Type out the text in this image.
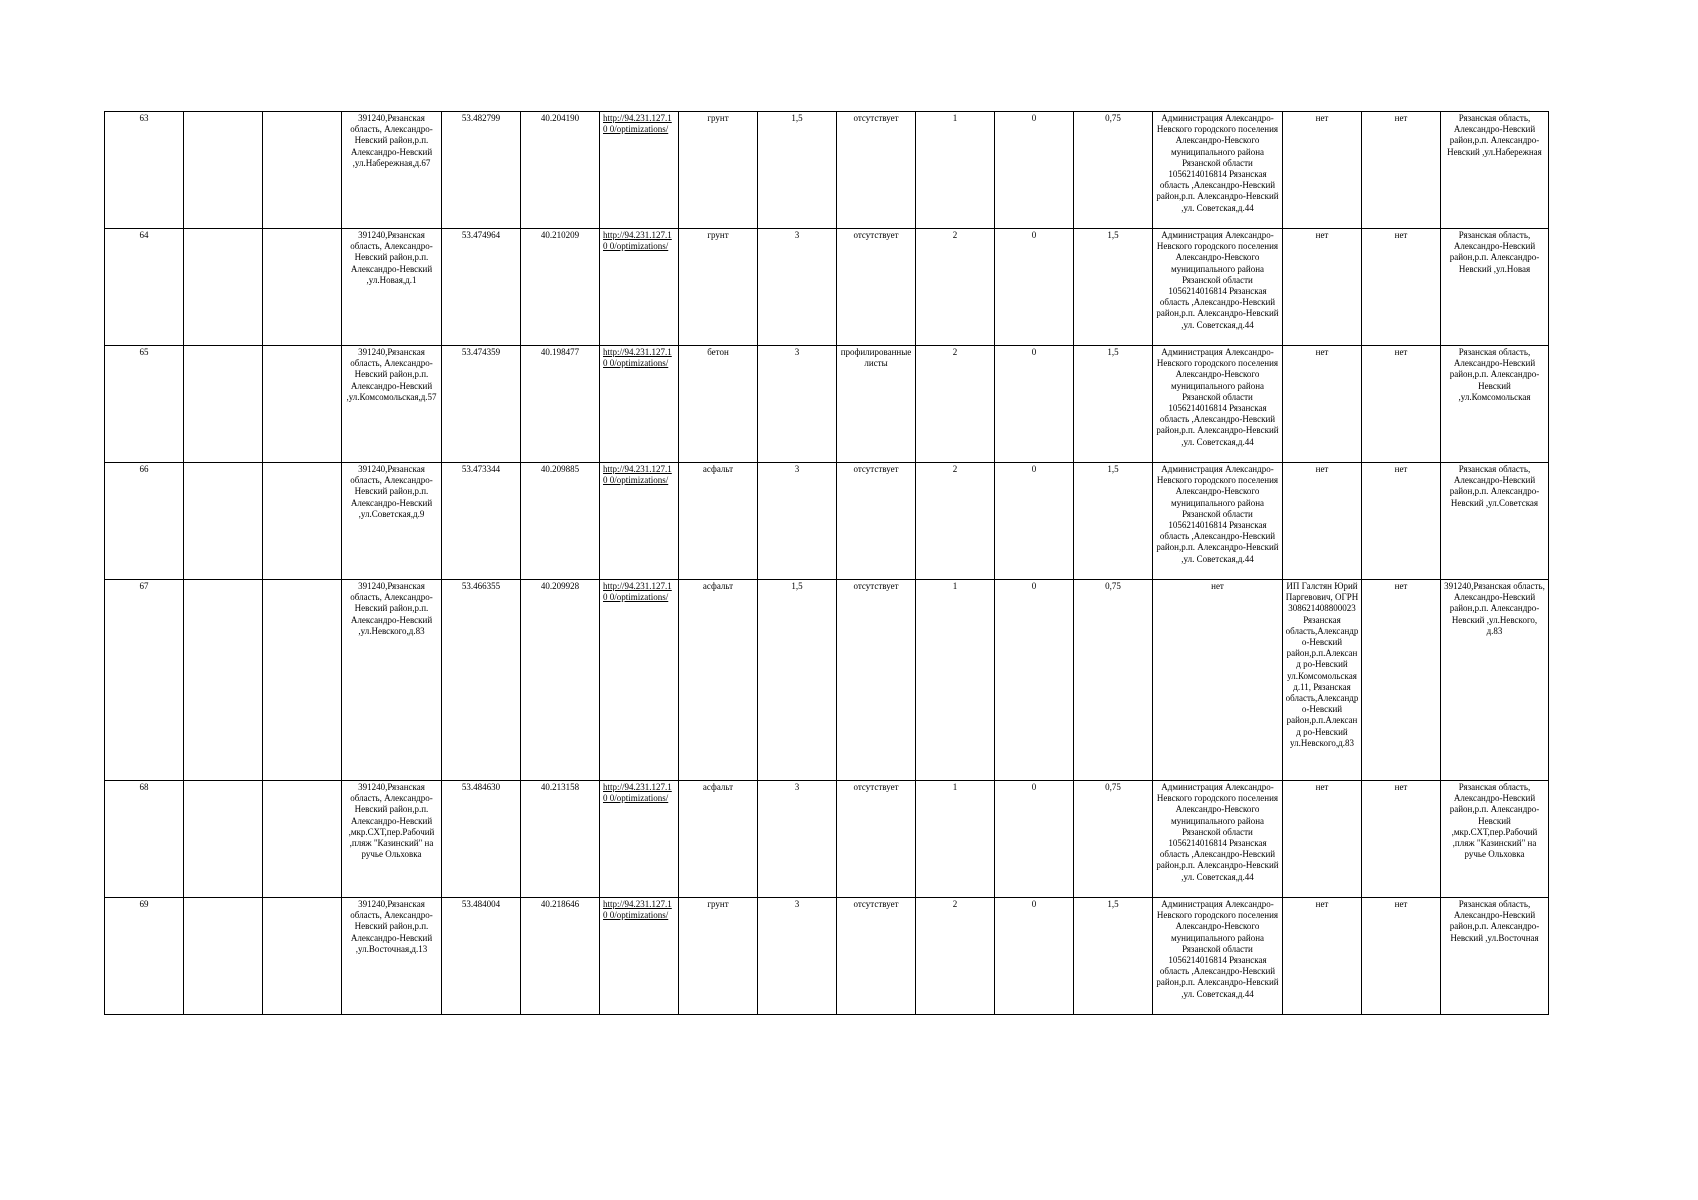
63			391240,Рязанская область, Александро-Невский район,р.п. Александро-Невский ,ул.Набережная,д.67	53.482799	40.204190	http://94.231.127.10 0/optimizations/	грунт	1,5	отсутствует	1	0	0,75	Администрация Александро-Невского городского поселения Александро-Невского муниципального района Рязанской области 1056214016814 Рязанская область ,Александро-Невский район,р.п. Александро-Невский ,ул. Советская,д.44	нет	нет	Рязанская область, Александро-Невский район,р.п. Александро-Невский ,ул.Набережная
64			391240,Рязанская область, Александро-Невский район,р.п. Александро-Невский ,ул.Новая,д.1	53.474964	40.210209	http://94.231.127.10 0/optimizations/	грунт	3	отсутствует	2	0	1,5	Администрация Александро-Невского городского поселения Александро-Невского муниципального района Рязанской области 1056214016814 Рязанская область ,Александро-Невский район,р.п. Александро-Невский ,ул. Советская,д.44	нет	нет	Рязанская область, Александро-Невский район,р.п. Александро-Невский ,ул.Новая
65			391240,Рязанская область, Александро-Невский район,р.п. Александро-Невский ,ул.Комсомольская,д.57	53.474359	40.198477	http://94.231.127.10 0/optimizations/	бетон	3	профилированные листы	2	0	1,5	Администрация Александро-Невского городского поселения Александро-Невского муниципального района Рязанской области 1056214016814 Рязанская область ,Александро-Невский район,р.п. Александро-Невский ,ул. Советская,д.44	нет	нет	Рязанская область, Александро-Невский район,р.п. Александро-Невский ,ул.Комсомольская
66			391240,Рязанская область, Александро-Невский район,р.п. Александро-Невский ,ул.Советская,д.9	53.473344	40.209885	http://94.231.127.10 0/optimizations/	асфальт	3	отсутствует	2	0	1,5	Администрация Александро-Невского городского поселения Александро-Невского муниципального района Рязанской области 1056214016814 Рязанская область ,Александро-Невский район,р.п. Александро-Невский ,ул. Советская,д.44	нет	нет	Рязанская область, Александро-Невский район,р.п. Александро-Невский ,ул.Советская
67			391240,Рязанская область, Александро-Невский район,р.п. Александро-Невский ,ул.Невского,д.83	53.466355	40.209928	http://94.231.127.10 0/optimizations/	асфальт	1,5	отсутствует	1	0	0,75	нет	ИП Галстян Юрий Паргевович, ОГРН 308621408800023 Рязанская область,Александр о-Невский район,р.п.Александ ро-Невский ул.Комсомольская д.11, Рязанская область,Александр о-Невский район,р.п.Александ ро-Невский ул.Невского,д.83	нет	391240,Рязанская область, Александро-Невский район,р.п. Александро-Невский ,ул.Невского, д.83
68			391240,Рязанская область, Александро-Невский район,р.п. Александро-Невский ,мкр.СХТ,пер.Рабочий ,пляж "Казинский" на ручье Ольховка	53.484630	40.213158	http://94.231.127.10 0/optimizations/	асфальт	3	отсутствует	1	0	0,75	Администрация Александро-Невского городского поселения Александро-Невского муниципального района Рязанской области 1056214016814 Рязанская область ,Александро-Невский район,р.п. Александро-Невский ,ул. Советская,д.44	нет	нет	Рязанская область, Александро-Невский район,р.п. Александро-Невский ,мкр.СХТ,пер.Рабочий ,пляж "Казинский" на ручье Ольховка
69			391240,Рязанская область, Александро-Невский район,р.п. Александро-Невский ,ул.Восточная,д.13	53.484004	40.218646	http://94.231.127.10 0/optimizations/	грунт	3	отсутствует	2	0	1,5	Администрация Александро-Невского городского поселения Александро-Невского муниципального района Рязанской области 1056214016814 Рязанская область ,Александро-Невский район,р.п. Александро-Невский ,ул. Советская,д.44	нет	нет	Рязанская область, Александро-Невский район,р.п. Александро-Невский ,ул.Восточная
